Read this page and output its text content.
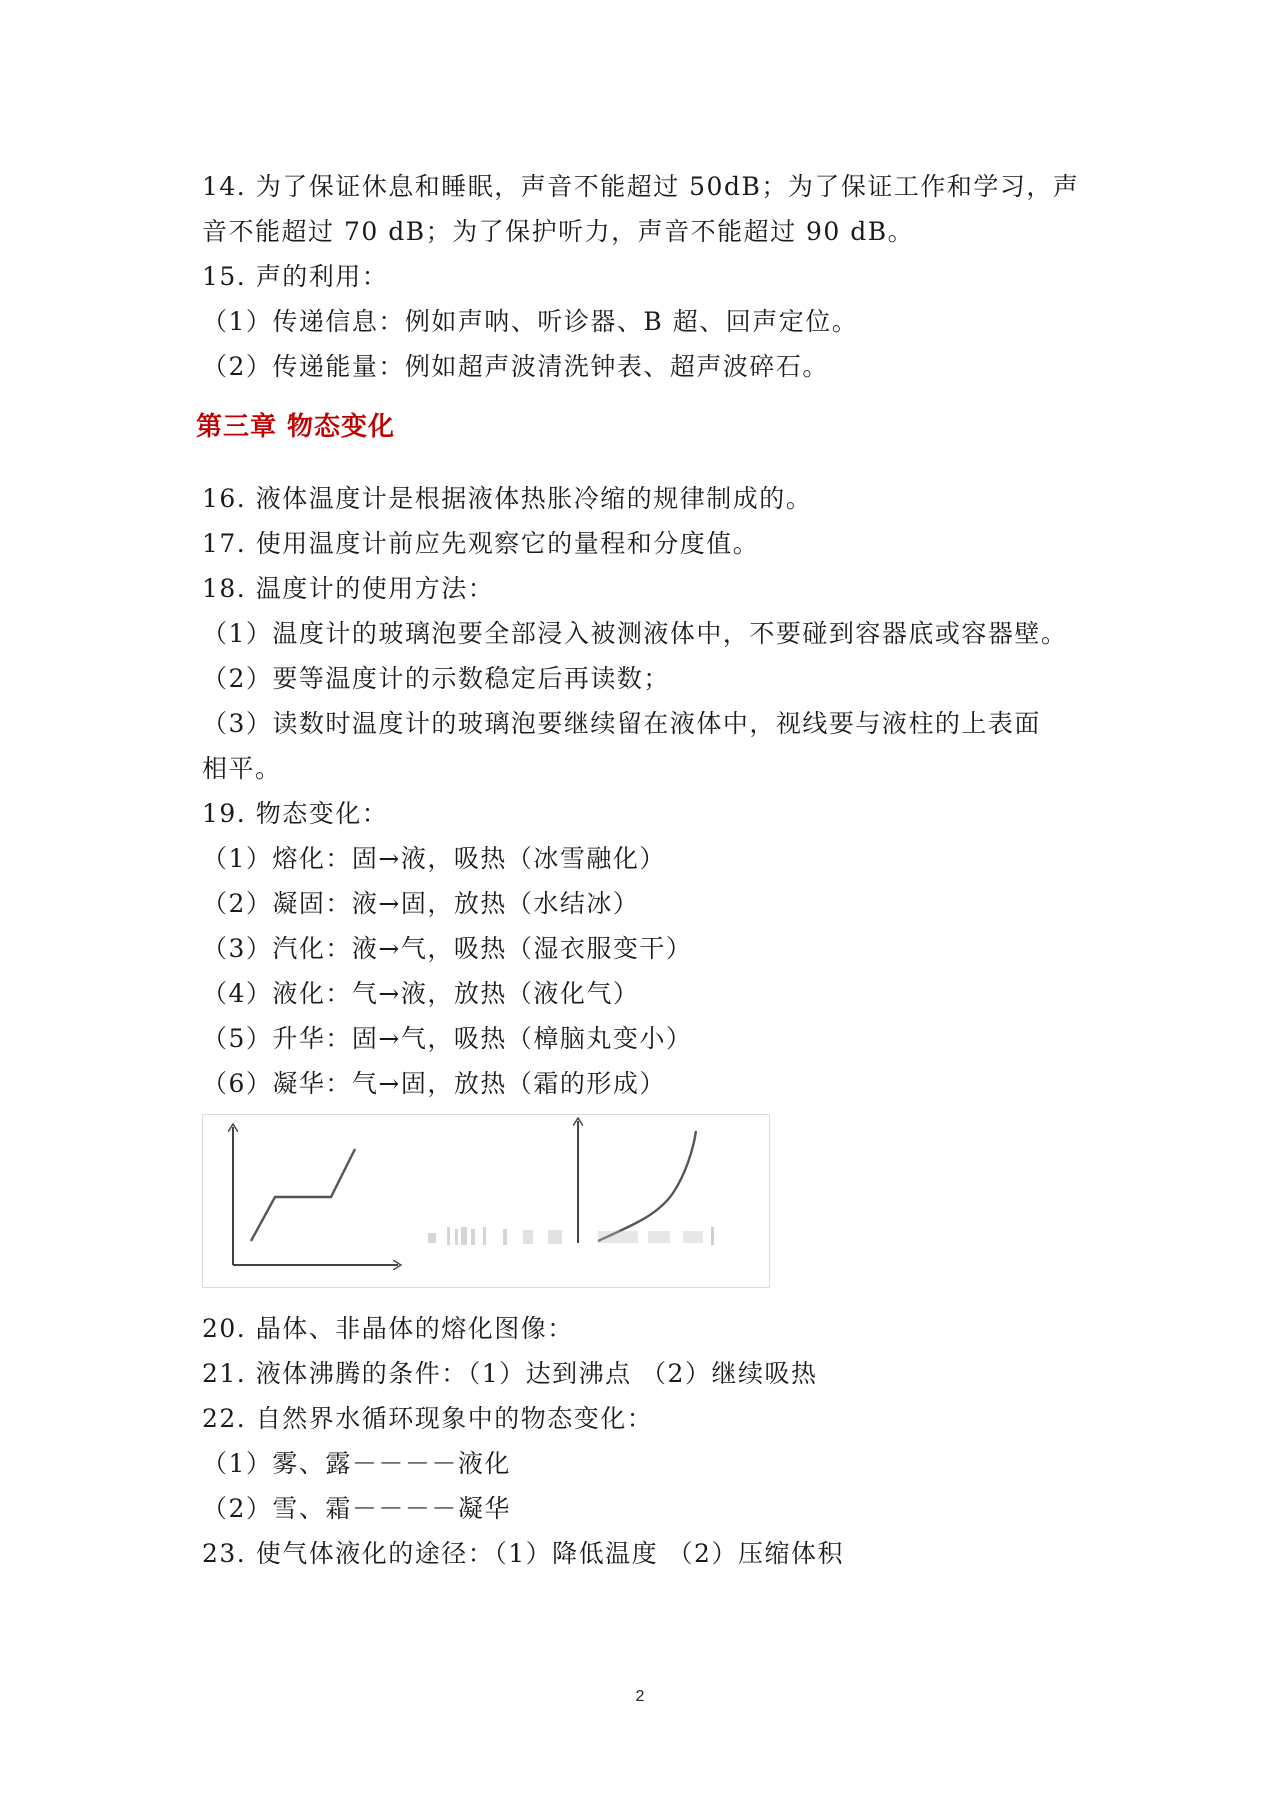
14. 为了保证休息和睡眠，声音不能超过 50dB；为了保证工作和学习，声
音不能超过 70 dB；为了保护听力，声音不能超过 90 dB。
15. 声的利用：
（1）传递信息：例如声呐、听诊器、B 超、回声定位。
（2）传递能量：例如超声波清洗钟表、超声波碎石。
第三章 物态变化
16. 液体温度计是根据液体热胀冷缩的规律制成的。
17. 使用温度计前应先观察它的量程和分度值。
18. 温度计的使用方法：
（1）温度计的玻璃泡要全部浸入被测液体中，不要碰到容器底或容器壁。
（2）要等温度计的示数稳定后再读数；
（3）读数时温度计的玻璃泡要继续留在液体中，视线要与液柱的上表面
相平。
19. 物态变化：
（1）熔化：固→液，吸热（冰雪融化）
（2）凝固：液→固，放热（水结冰）
（3）汽化：液→气，吸热（湿衣服变干）
（4）液化：气→液，放热（液化气）
（5）升华：固→气，吸热（樟脑丸变小）
（6）凝华：气→固，放热（霜的形成）
20. 晶体、非晶体的熔化图像：
21. 液体沸腾的条件：（1）达到沸点 （2）继续吸热
22. 自然界水循环现象中的物态变化：
（1）雾、露－－－－液化
（2）雪、霜－－－－凝华
23. 使气体液化的途径：（1）降低温度 （2）压缩体积
2
